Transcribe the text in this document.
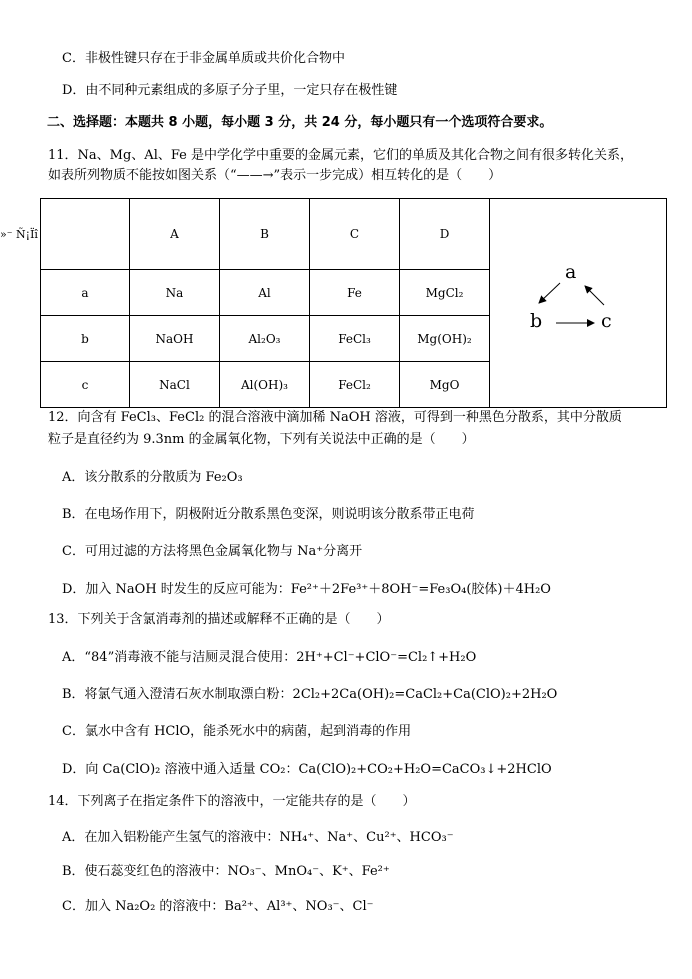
C．非极性键只存在于非金属单质或共价化合物中
D．由不同种元素组成的多原子分子里，一定只存在极性键
二、选择题：本题共 8 小题，每小题 3 分，共 24 分，每小题只有一个选项符合要求。
11．Na、Mg、Al、Fe 是中学化学中重要的金属元素，它们的单质及其化合物之间有很多转化关系，
如表所列物质不能按如图关系（“——→”表示一步完成）相互转化的是（　　）
»⁻ Ñ¡Ïî
		A	B	C	D	a
b c

a	Na	Al	Fe	MgCl₂	
b	NaOH	Al₂O₃	FeCl₃	Mg(OH)₂	
c	NaCl	Al(OH)₃	FeCl₂	MgO	
12．向含有 FeCl₃、FeCl₂ 的混合溶液中滴加稀 NaOH 溶液，可得到一种黑色分散系，其中分散质
粒子是直径约为 9.3nm 的金属氧化物，下列有关说法中正确的是（　　）
A．该分散系的分散质为 Fe₂O₃
B．在电场作用下，阴极附近分散系黑色变深，则说明该分散系带正电荷
C．可用过滤的方法将黑色金属氧化物与 Na⁺分离开
D．加入 NaOH 时发生的反应可能为：Fe²⁺＋2Fe³⁺＋8OH⁻=Fe₃O₄(胶体)＋4H₂O
13．下列关于含氯消毒剂的描述或解释不正确的是（　　）
A．“84”消毒液不能与洁厕灵混合使用：2H⁺+Cl⁻+ClO⁻=Cl₂↑+H₂O
B．将氯气通入澄清石灰水制取漂白粉：2Cl₂+2Ca(OH)₂=CaCl₂+Ca(ClO)₂+2H₂O
C．氯水中含有 HClO，能杀死水中的病菌，起到消毒的作用
D．向 Ca(ClO)₂ 溶液中通入适量 CO₂：Ca(ClO)₂+CO₂+H₂O=CaCO₃↓+2HClO
14．下列离子在指定条件下的溶液中，一定能共存的是（　　）
A．在加入铝粉能产生氢气的溶液中：NH₄⁺、Na⁺、Cu²⁺、HCO₃⁻
B．使石蕊变红色的溶液中：NO₃⁻、MnO₄⁻、K⁺、Fe²⁺
C．加入 Na₂O₂ 的溶液中：Ba²⁺、Al³⁺、NO₃⁻、Cl⁻
